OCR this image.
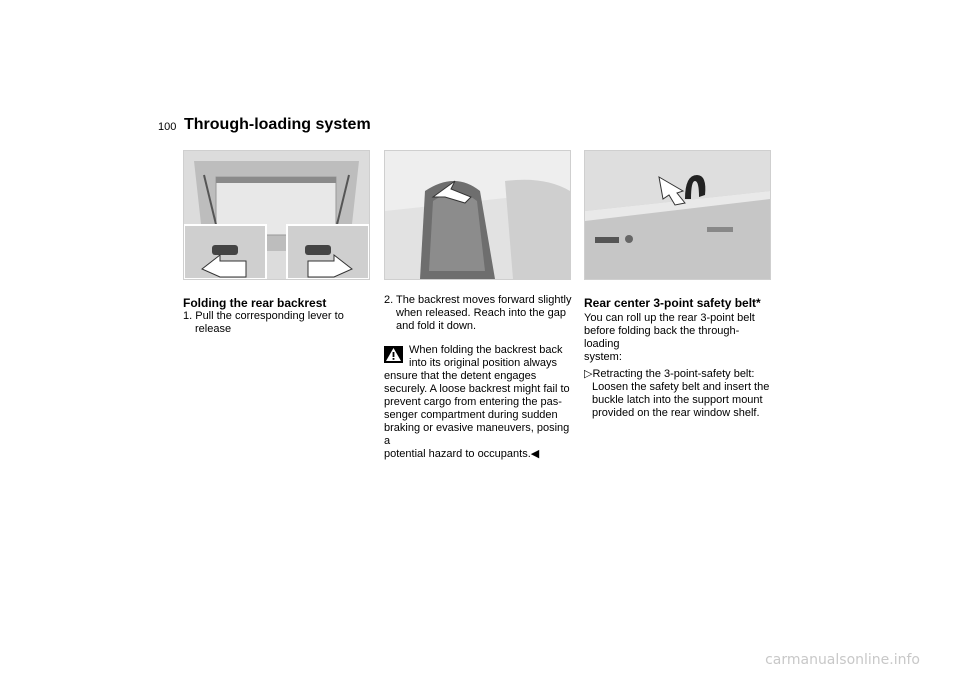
100 Through-loading system
Folding the rear backrest
1. Pull the corresponding lever to
release
2. The backrest moves forward slightly
when released. Reach into the gap
and fold it down.
When folding the backrest back
into its original position always
ensure that the detent engages
securely. A loose backrest might fail to
prevent cargo from entering the pas-
senger compartment during sudden
braking or evasive maneuvers, posing a
potential hazard to occupants.◀
Rear center 3-point safety belt*
You can roll up the rear 3-point belt
before folding back the through-loading
system:
▷Retracting the 3-point-safety belt:
Loosen the safety belt and insert the
buckle latch into the support mount
provided on the rear window shelf.
carmanualsonline.info
